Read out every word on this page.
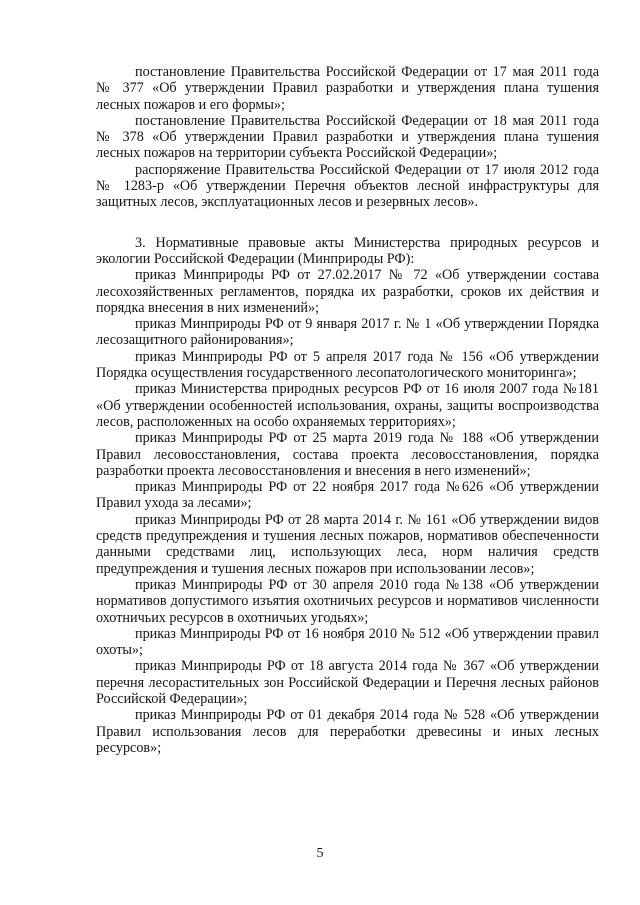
постановление Правительства Российской Федерации от 17 мая 2011 года № 377 «Об утверждении Правил разработки и утверждения плана тушения лесных пожаров и его формы»;

постановление Правительства Российской Федерации от 18 мая 2011 года № 378 «Об утверждении Правил разработки и утверждения плана тушения лесных пожаров на территории субъекта Российской Федерации»;

распоряжение Правительства Российской Федерации от 17 июля 2012 года № 1283-р «Об утверждении Перечня объектов лесной инфраструктуры для защитных лесов, эксплуатационных лесов и резервных лесов».

3. Нормативные правовые акты Министерства природных ресурсов и экологии Российской Федерации (Минприроды РФ):

приказ Минприроды РФ от 27.02.2017 № 72 «Об утверждении состава лесохозяйственных регламентов, порядка их разработки, сроков их действия и порядка внесения в них изменений»;

приказ Минприроды РФ от 9 января 2017 г. № 1 «Об утверждении Порядка лесозащитного районирования»;

приказ Минприроды РФ от 5 апреля 2017 года № 156 «Об утверждении Порядка осуществления государственного лесопатологического мониторинга»;

приказ Министерства природных ресурсов РФ от 16 июля 2007 года №181 «Об утверждении особенностей использования, охраны, защиты воспроизводства лесов, расположенных на особо охраняемых территориях»;

приказ Минприроды РФ от 25 марта 2019 года № 188 «Об утверждении Правил лесовосстановления, состава проекта лесовосстановления, порядка разработки проекта лесовосстановления и внесения в него изменений»;

приказ Минприроды РФ от 22 ноября 2017 года №626 «Об утверждении Правил ухода за лесами»;

приказ Минприроды РФ от 28 марта 2014 г. № 161 «Об утверждении видов средств предупреждения и тушения лесных пожаров, нормативов обеспеченности данными средствами лиц, использующих леса, норм наличия средств предупреждения и тушения лесных пожаров при использовании лесов»;

приказ Минприроды РФ от 30 апреля 2010 года №138 «Об утверждении нормативов допустимого изъятия охотничьих ресурсов и нормативов численности охотничьих ресурсов в охотничьих угодьях»;

приказ Минприроды РФ от 16 ноября 2010 № 512 «Об утверждении правил охоты»;

приказ Минприроды РФ от 18 августа 2014 года № 367 «Об утверждении перечня лесорастительных зон Российской Федерации и Перечня лесных районов Российской Федерации»;

приказ Минприроды РФ от 01 декабря 2014 года № 528 «Об утверждении Правил использования лесов для переработки древесины и иных лесных ресурсов»;

5
